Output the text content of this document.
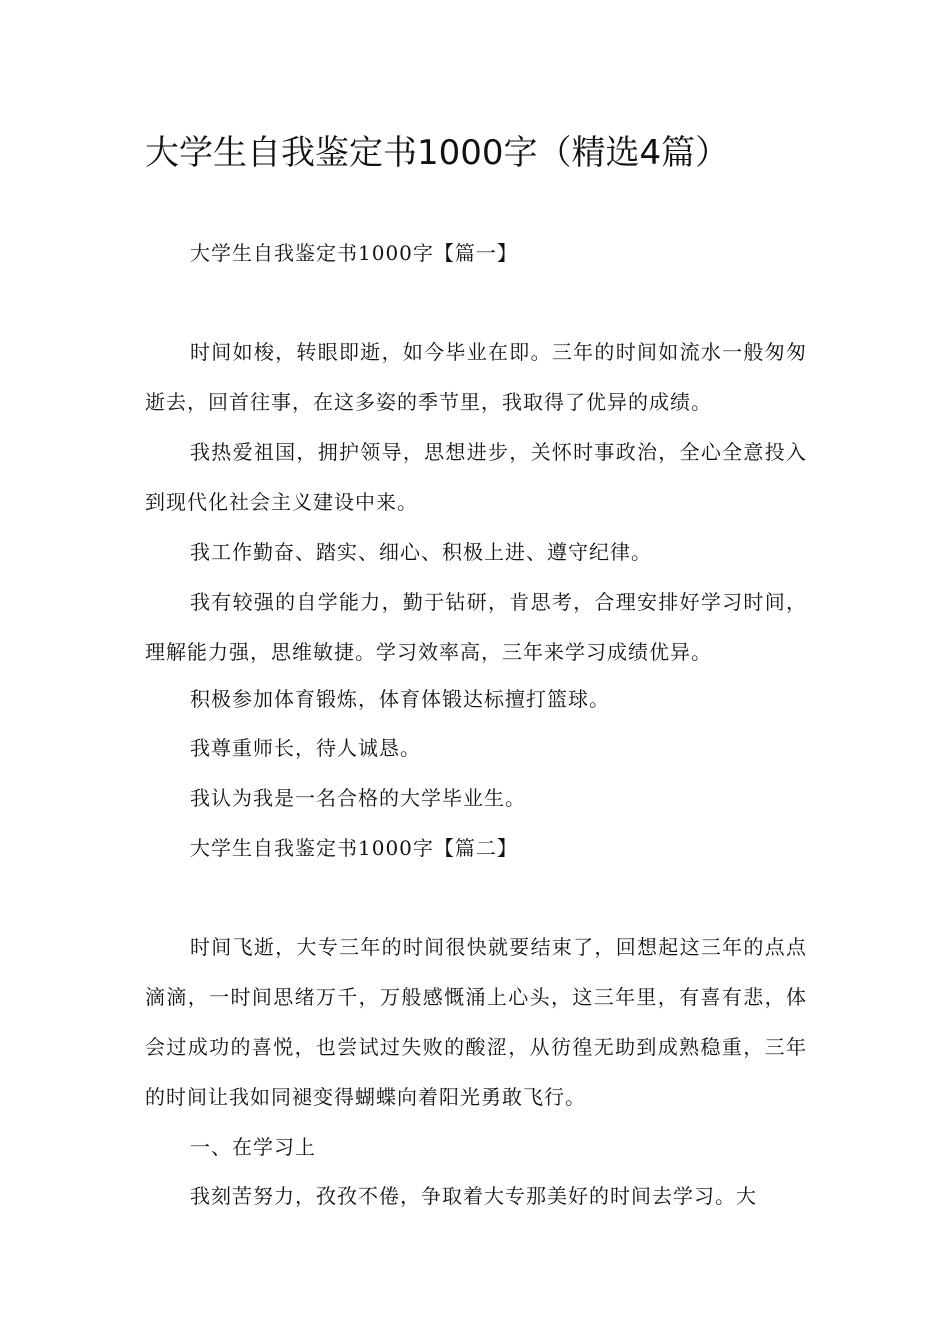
大学生自我鉴定书1000字（精选4篇）

大学生自我鉴定书1000字【篇一】

时间如梭，转眼即逝，如今毕业在即。三年的时间如流水一般匆匆逝去，回首往事，在这多姿的季节里，我取得了优异的成绩。

我热爱祖国，拥护领导，思想进步，关怀时事政治，全心全意投入到现代化社会主义建设中来。

我工作勤奋、踏实、细心、积极上进、遵守纪律。

我有较强的自学能力，勤于钻研，肯思考，合理安排好学习时间，理解能力强，思维敏捷。学习效率高，三年来学习成绩优异。

积极参加体育锻炼，体育体锻达标擅打篮球。

我尊重师长，待人诚恳。

我认为我是一名合格的大学毕业生。

大学生自我鉴定书1000字【篇二】

时间飞逝，大专三年的时间很快就要结束了，回想起这三年的点点滴滴，一时间思绪万千，万般感慨涌上心头，这三年里，有喜有悲，体会过成功的喜悦，也尝试过失败的酸涩，从彷徨无助到成熟稳重，三年的时间让我如同褪变得蝴蝶向着阳光勇敢飞行。

一、在学习上

我刻苦努力，孜孜不倦，争取着大专那美好的时间去学习。大
